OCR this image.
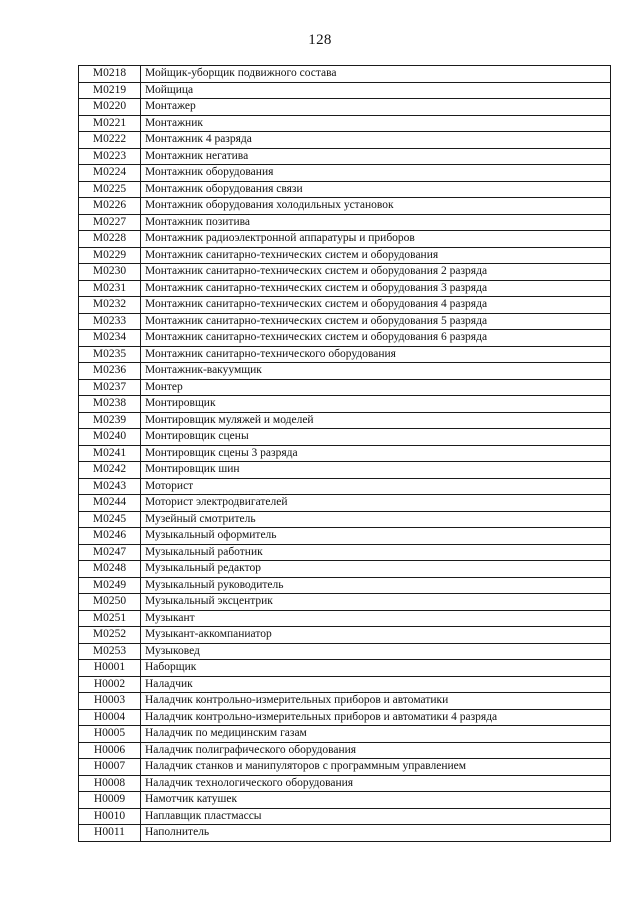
128
М0218	Мойщик-уборщик подвижного состава
М0219	Мойщица
М0220	Монтажер
М0221	Монтажник
М0222	Монтажник 4 разряда
М0223	Монтажник негатива
М0224	Монтажник оборудования
М0225	Монтажник оборудования связи
М0226	Монтажник оборудования холодильных установок
М0227	Монтажник позитива
М0228	Монтажник радиоэлектронной аппаратуры и приборов
М0229	Монтажник санитарно-технических систем и оборудования
М0230	Монтажник санитарно-технических систем и оборудования 2 разряда
М0231	Монтажник санитарно-технических систем и оборудования 3 разряда
М0232	Монтажник санитарно-технических систем и оборудования 4 разряда
М0233	Монтажник санитарно-технических систем и оборудования 5 разряда
М0234	Монтажник санитарно-технических систем и оборудования 6 разряда
М0235	Монтажник санитарно-технического оборудования
М0236	Монтажник-вакуумщик
М0237	Монтер
М0238	Монтировщик
М0239	Монтировщик муляжей и моделей
М0240	Монтировщик сцены
М0241	Монтировщик сцены 3 разряда
М0242	Монтировщик шин
М0243	Моторист
М0244	Моторист электродвигателей
М0245	Музейный смотритель
М0246	Музыкальный оформитель
М0247	Музыкальный работник
М0248	Музыкальный редактор
М0249	Музыкальный руководитель
М0250	Музыкальный эксцентрик
М0251	Музыкант
М0252	Музыкант-аккомпаниатор
М0253	Музыковед
Н0001	Наборщик
Н0002	Наладчик
Н0003	Наладчик контрольно-измерительных приборов и автоматики
Н0004	Наладчик контрольно-измерительных приборов и автоматики 4 разряда
Н0005	Наладчик по медицинским газам
Н0006	Наладчик полиграфического оборудования
Н0007	Наладчик станков и манипуляторов с программным управлением
Н0008	Наладчик технологического оборудования
Н0009	Намотчик катушек
Н0010	Наплавщик пластмассы
Н0011	Наполнитель
